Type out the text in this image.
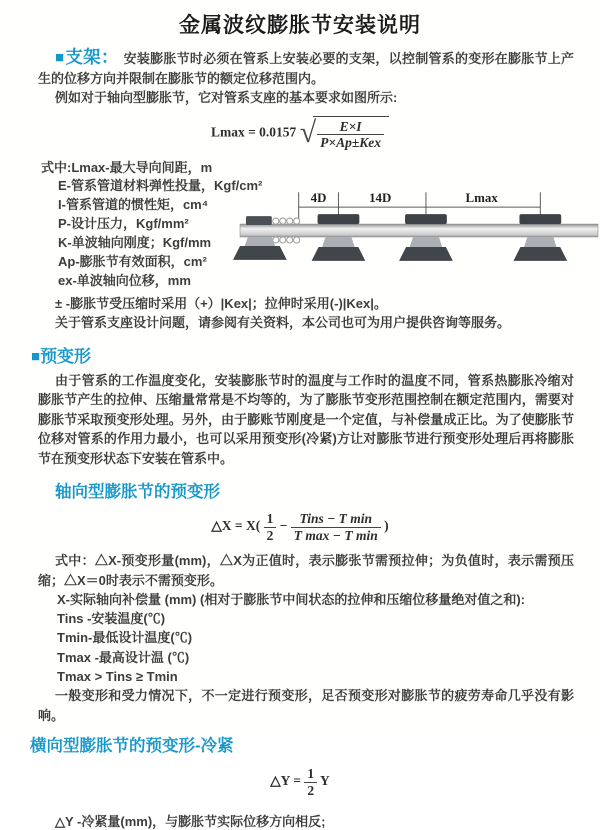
金属波纹膨胀节安装说明

■支架： 安装膨胀节时必须在管系上安装必要的支架，以控制管系的变形在膨胀节上产生的位移方向并限制在膨胀节的额定位移范围内。

例如对于轴向型膨胀节，它对管系支座的基本要求如图所示:

Lmax = 0.0157 √ $\frac{E\times I}{\text{P×Ap±Kex}}$
式中:Lmax-最大导向间距，m
E-管系管道材料弹性投量，Kgf/cm²
I-管系管道的惯性矩，cm⁴
P-设计压力，Kgf/mm²
K-单波轴向刚度；Kgf/mm
Ap-膨胀节有效面积，cm²
ex-单波轴向位移，mm
4D	14D	Lmax

± -膨胀节受压缩时采用（+）|Kex|；拉伸时采用(-)|Kex|。

关于管系支座设计问题，请参阅有关资料，本公司也可为用户提供咨询等服务。

■预变形

由于管系的工作温度变化，安装膨胀节时的温度与工作时的温度不同，管系热膨胀冷缩对膨胀节产生的拉伸、压缩量常常是不均等的，为了膨胀节变形范围控制在额定范围内，需要对膨胀节采取预变形处理。另外，由于膨账节刚度是一个定值，与补偿量成正比。为了使膨胀节位移对管系的作用力最小，也可以采用预变形(冷紧)方让对膨胀节进行预变形处理后再将膨胀节在预变形状态下安装在管系中。

轴向型膨胀节的预变形
△X = $X( \frac{1}{2} - \frac{\text{Tins − T min}}{\text{T max − T min}}$ )

式中：△X-预变形量(mm)，△X为正值时，表示膨张节需预拉伸；为负值时，表示需预压缩；△X＝0时表示不需预变形。

X-实际轴向补偿量 (mm) (相对于膨胀节中间状态的拉伸和压缩位移量绝对值之和):
Tins -安装温度(℃)
Tmin-最低设计温度(℃)
Tmax -最高设计温 (℃)
Tmax > Tins ≥ Tmin

一般变形和受力情况下，不一定进行预变形，足否预变形对膨胀节的疲劳寿命几乎没有影响。

横向型膨胀节的预变形-冷紧
△Y = $\frac{1}{2}$ Y

△Y -冷紧量(mm)，与膨胀节实际位移方向相反;
